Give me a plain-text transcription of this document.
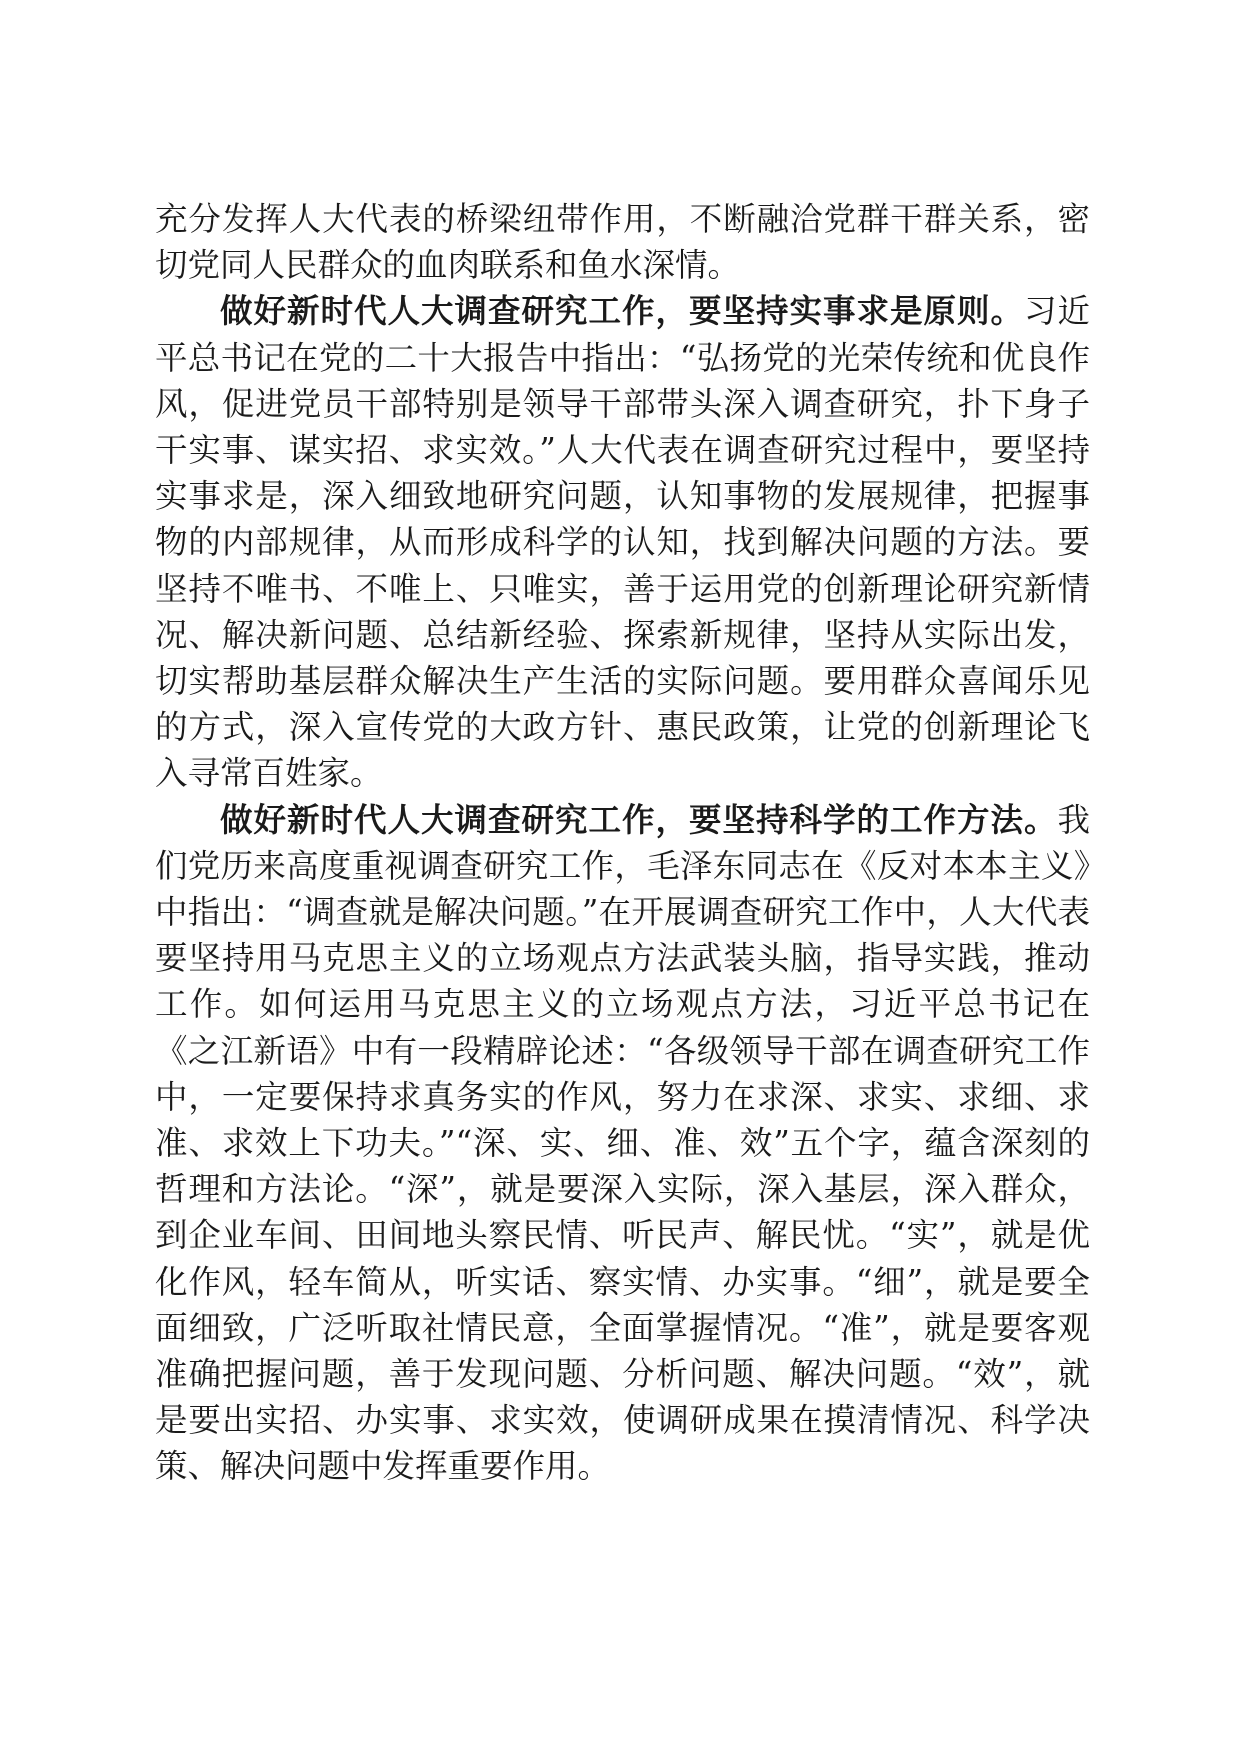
充分发挥人大代表的桥梁纽带作用，不断融洽党群干群关系，密切党同人民群众的血肉联系和鱼水深情。

做好新时代人大调查研究工作，要坚持实事求是原则。习近平总书记在党的二十大报告中指出：“弘扬党的光荣传统和优良作风，促进党员干部特别是领导干部带头深入调查研究，扑下身子干实事、谋实招、求实效。”人大代表在调查研究过程中，要坚持实事求是，深入细致地研究问题，认知事物的发展规律，把握事物的内部规律，从而形成科学的认知，找到解决问题的方法。要坚持不唯书、不唯上、只唯实，善于运用党的创新理论研究新情况、解决新问题、总结新经验、探索新规律，坚持从实际出发，切实帮助基层群众解决生产生活的实际问题。要用群众喜闻乐见的方式，深入宣传党的大政方针、惠民政策，让党的创新理论飞入寻常百姓家。

做好新时代人大调查研究工作，要坚持科学的工作方法。我们党历来高度重视调查研究工作，毛泽东同志在《反对本本主义》中指出：“调查就是解决问题。”在开展调查研究工作中，人大代表要坚持用马克思主义的立场观点方法武装头脑，指导实践，推动工作。如何运用马克思主义的立场观点方法，习近平总书记在《之江新语》中有一段精辟论述：“各级领导干部在调查研究工作中，一定要保持求真务实的作风，努力在求深、求实、求细、求准、求效上下功夫。”“深、实、细、准、效”五个字，蕴含深刻的哲理和方法论。“深”，就是要深入实际，深入基层，深入群众，到企业车间、田间地头察民情、听民声、解民忧。“实”，就是优化作风，轻车简从，听实话、察实情、办实事。“细”，就是要全面细致，广泛听取社情民意，全面掌握情况。“准”，就是要客观准确把握问题，善于发现问题、分析问题、解决问题。“效”，就是要出实招、办实事、求实效，使调研成果在摸清情况、科学决策、解决问题中发挥重要作用。
